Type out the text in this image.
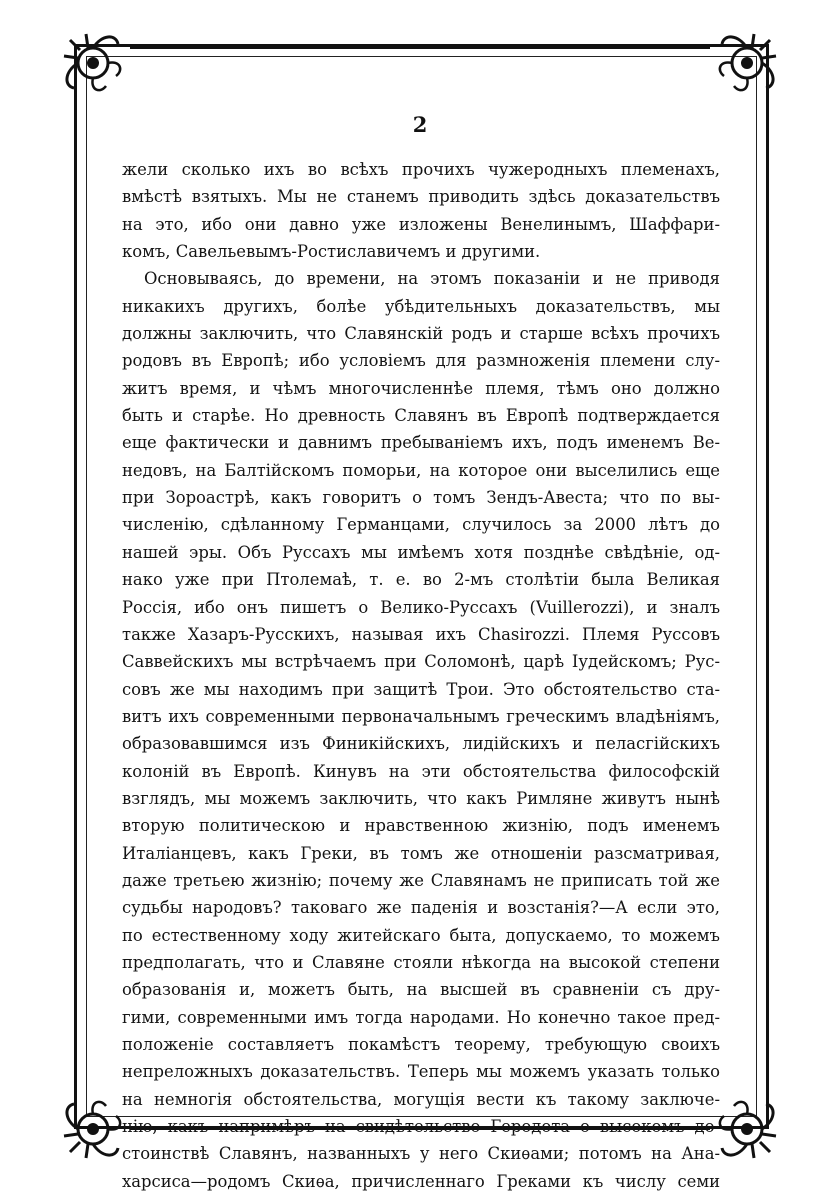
2
жели сколько ихъ во всѣхъ прочихъ чужеродныхъ племенахъ,
вмѣстѣ взятыхъ. Мы не станемъ приводить здѣсь доказательствъ
на это, ибо они давно уже изложены Венелинымъ, Шаффари-
комъ, Савельевымъ-Ростиславичемъ и другими.
Основываясь, до времени, на этомъ показаніи и не приводя
никакихъ другихъ, болѣе убѣдительныхъ доказательствъ, мы
должны заключить, что Славянскій родъ и старше всѣхъ прочихъ
родовъ въ Европѣ; ибо условіемъ для размноженія племени слу-
житъ время, и чѣмъ многочисленнѣе племя, тѣмъ оно должно
быть и старѣе. Но древность Славянъ въ Европѣ подтверждается
еще фактически и давнимъ пребываніемъ ихъ, подъ именемъ Ве-
недовъ, на Балтійскомъ поморьи, на которое они выселились еще
при Зороастрѣ, какъ говоритъ о томъ Зендъ-Авеста; что по вы-
численію, сдѣланному Германцами, случилось за 2000 лѣтъ до
нашей эры. Объ Руссахъ мы имѣемъ хотя позднѣе свѣдѣніе, од-
нако уже при Птолемаѣ, т. е. во 2-мъ столѣтіи была Великая
Россія, ибо онъ пишетъ о Велико-Руссахъ (Vuillerozzi), и зналъ
также Хазаръ-Русскихъ, называя ихъ Chasirozzi. Племя Руссовъ
Саввейскихъ мы встрѣчаемъ при Соломонѣ, царѣ Іудейскомъ; Рус-
совъ же мы находимъ при защитѣ Трои. Это обстоятельство ста-
витъ ихъ современными первоначальнымъ греческимъ владѣніямъ,
образовавшимся изъ Финикійскихъ, лидійскихъ и пеласгійскихъ
колоній въ Европѣ. Кинувъ на эти обстоятельства философскій
взглядъ, мы можемъ заключить, что какъ Римляне живутъ нынѣ
вторую политическою и нравственною жизнію, подъ именемъ
Италіанцевъ, какъ Греки, въ томъ же отношеніи разсматривая,
даже третьею жизнію; почему же Славянамъ не приписать той же
судьбы народовъ? таковаго же паденія и возстанія?—А если это,
по естественному ходу житейскаго быта, допускаемо, то можемъ
предполагать, что и Славяне стояли нѣкогда на высокой степени
образованія и, можетъ быть, на высшей въ сравненіи съ дру-
гими, современными имъ тогда народами. Но конечно такое пред-
положеніе составляетъ покамѣстъ теорему, требующую своихъ
непреложныхъ доказательствъ. Теперь мы можемъ указать только
на немногія обстоятельства, могущія вести къ такому заключе-
нію, какъ напримѣръ на свидѣтельство Геродота о высокомъ до-
стоинствѣ Славянъ, названныхъ у него Скиѳами; потомъ на Ана-
харсиса—родомъ Скиѳа, причисленнаго Греками къ числу семи
